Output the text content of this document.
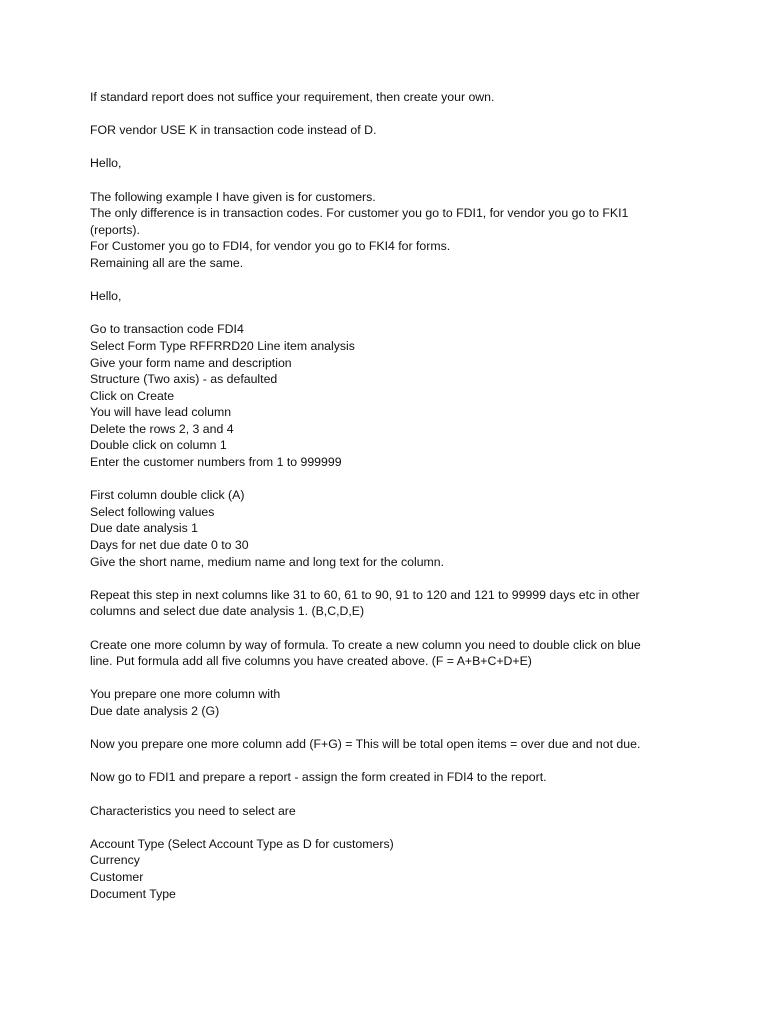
If standard report does not suffice your requirement, then create your own.
FOR vendor USE K in transaction code instead of D.
Hello,
The following example I have given is for customers.
The only difference is in transaction codes. For customer you go to FDI1, for vendor you go to FKI1
(reports).
For Customer you go to FDI4, for vendor you go to FKI4 for forms.
Remaining all are the same.
Hello,
Go to transaction code FDI4
Select Form Type RFFRRD20 Line item analysis
Give your form name and description
Structure (Two axis) - as defaulted
Click on Create
You will have lead column
Delete the rows 2, 3 and 4
Double click on column 1
Enter the customer numbers from 1 to 999999
First column double click (A)
Select following values
Due date analysis 1
Days for net due date 0 to 30
Give the short name, medium name and long text for the column.
Repeat this step in next columns like 31 to 60, 61 to 90, 91 to 120 and 121 to 99999 days etc in other
columns and select due date analysis 1. (B,C,D,E)
Create one more column by way of formula. To create a new column you need to double click on blue
line. Put formula add all five columns you have created above. (F = A+B+C+D+E)
You prepare one more column with
Due date analysis 2 (G)
Now you prepare one more column add (F+G) = This will be total open items = over due and not due.
Now go to FDI1 and prepare a report - assign the form created in FDI4 to the report.
Characteristics you need to select are
Account Type (Select Account Type as D for customers)
Currency
Customer
Document Type
